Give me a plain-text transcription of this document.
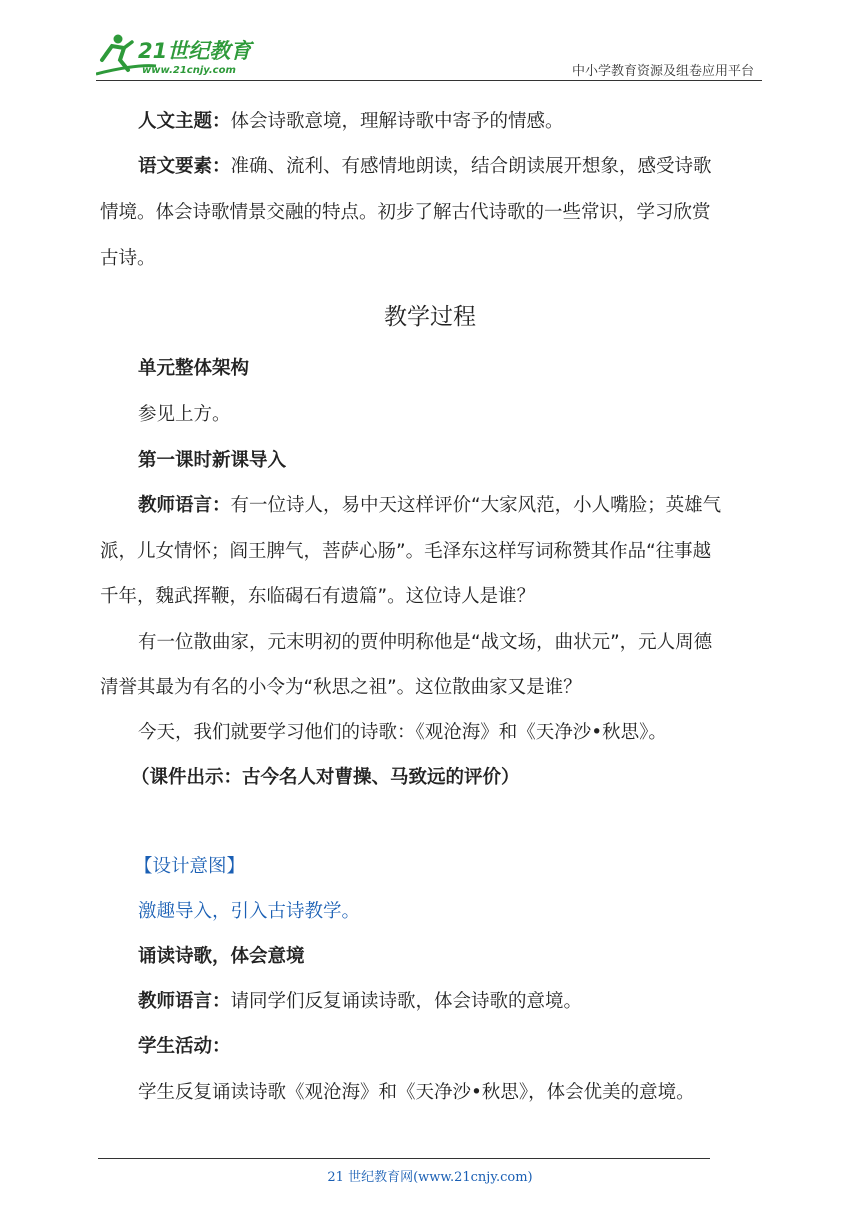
21世纪教育
www.21cnjy.com	中小学教育资源及组卷应用平台
人文主题：体会诗歌意境，理解诗歌中寄予的情感。
语文要素：准确、流利、有感情地朗读，结合朗读展开想象，感受诗歌
情境。体会诗歌情景交融的特点。初步了解古代诗歌的一些常识，学习欣赏
古诗。
教学过程
单元整体架构
参见上方。
第一课时新课导入
教师语言：有一位诗人，易中天这样评价“大家风范，小人嘴脸；英雄气
派，儿女情怀；阎王脾气，菩萨心肠”。毛泽东这样写词称赞其作品“往事越
千年，魏武挥鞭，东临碣石有遗篇”。这位诗人是谁？
有一位散曲家，元末明初的贾仲明称他是“战文场，曲状元”，元人周德
清誉其最为有名的小令为“秋思之祖”。这位散曲家又是谁？
今天，我们就要学习他们的诗歌：《观沧海》和《天净沙•秋思》。
（课件出示：古今名人对曹操、马致远的评价）
【设计意图】
激趣导入，引入古诗教学。
诵读诗歌，体会意境
教师语言：请同学们反复诵读诗歌，体会诗歌的意境。
学生活动：
学生反复诵读诗歌《观沧海》和《天净沙•秋思》，体会优美的意境。
21 世纪教育网(www.21cnjy.com)
